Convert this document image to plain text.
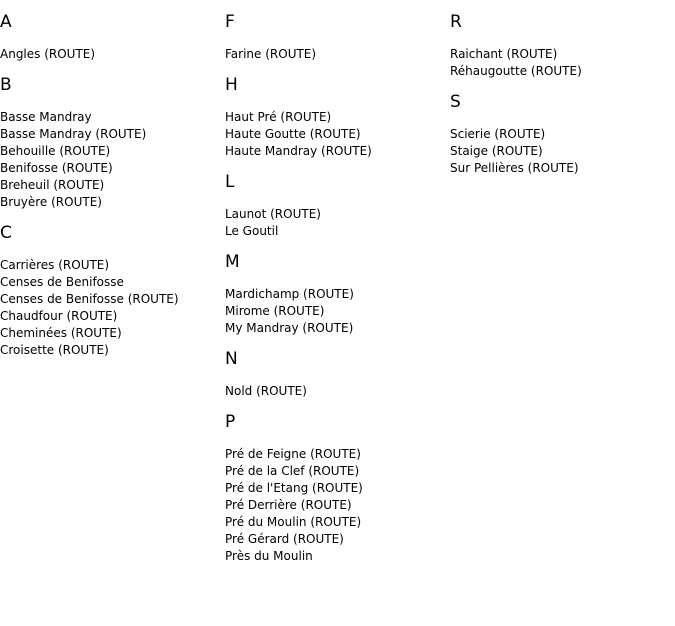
A
Angles (ROUTE)
B
Basse Mandray
Basse Mandray (ROUTE)
Behouille (ROUTE)
Benifosse (ROUTE)
Breheuil (ROUTE)
Bruyère (ROUTE)
C
Carrières (ROUTE)
Censes de Benifosse
Censes de Benifosse (ROUTE)
Chaudfour (ROUTE)
Cheminées (ROUTE)
Croisette (ROUTE)
F
Farine (ROUTE)
H
Haut Pré (ROUTE)
Haute Goutte (ROUTE)
Haute Mandray (ROUTE)
L
Launot (ROUTE)
Le Goutil
M
Mardichamp (ROUTE)
Mirome (ROUTE)
My Mandray (ROUTE)
N
Nold (ROUTE)
P
Pré de Feigne (ROUTE)
Pré de la Clef (ROUTE)
Pré de l'Etang (ROUTE)
Pré Derrière (ROUTE)
Pré du Moulin (ROUTE)
Pré Gérard (ROUTE)
Près du Moulin
R
Raichant (ROUTE)
Réhaugoutte (ROUTE)
S
Scierie (ROUTE)
Staige (ROUTE)
Sur Pellières (ROUTE)
